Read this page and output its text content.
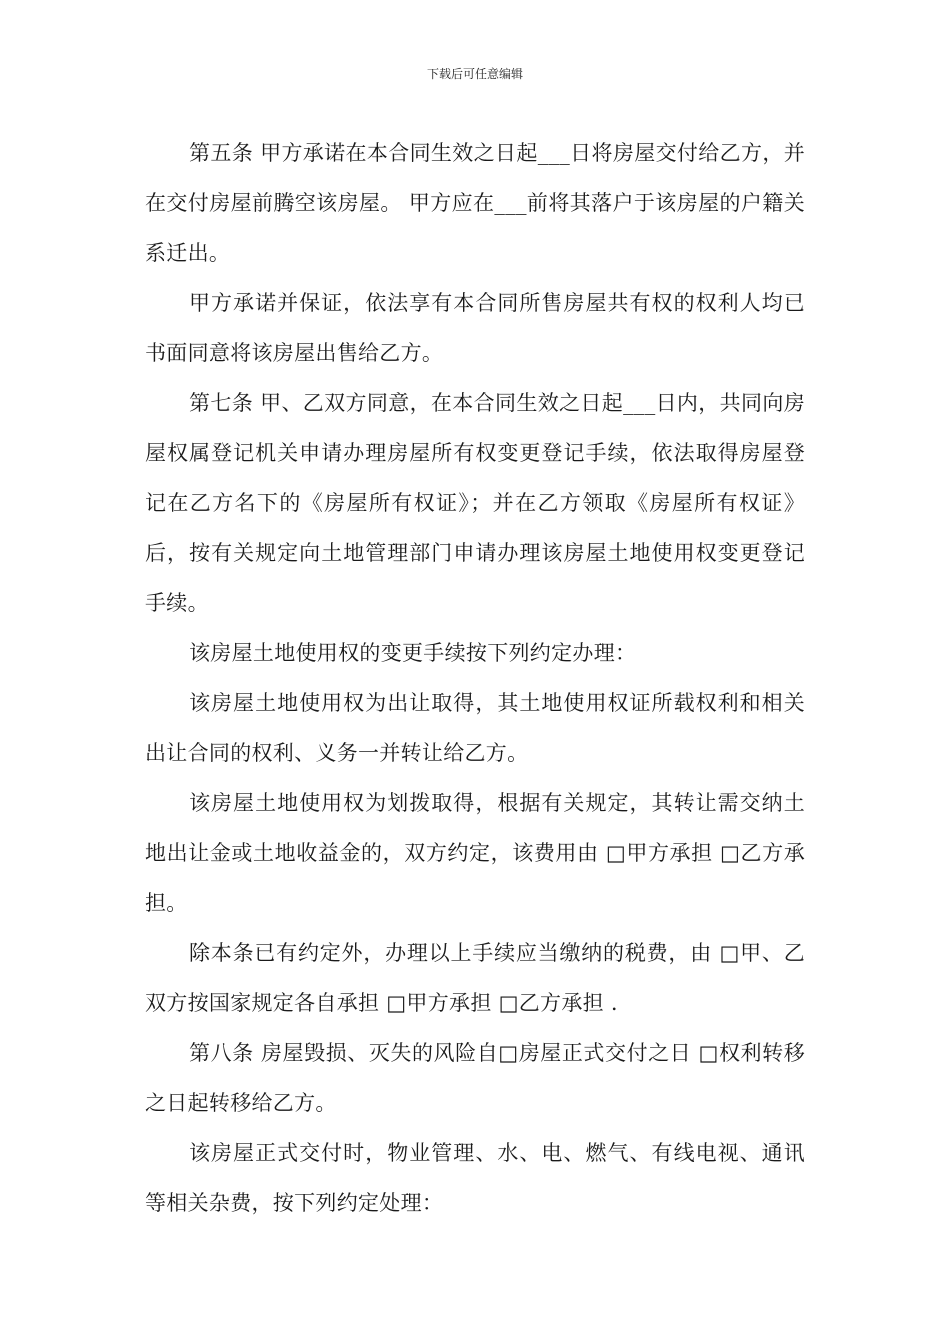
下载后可任意编辑

第五条 甲方承诺在本合同生效之日起___日将房屋交付给乙方，并在交付房屋前腾空该房屋。 甲方应在___前将其落户于该房屋的户籍关系迁出。

甲方承诺并保证，依法享有本合同所售房屋共有权的权利人均已书面同意将该房屋出售给乙方。

第七条 甲、乙双方同意，在本合同生效之日起___日内，共同向房屋权属登记机关申请办理房屋所有权变更登记手续，依法取得房屋登记在乙方名下的《房屋所有权证》；并在乙方领取《房屋所有权证》后，按有关规定向土地管理部门申请办理该房屋土地使用权变更登记手续。

该房屋土地使用权的变更手续按下列约定办理：

该房屋土地使用权为出让取得，其土地使用权证所载权利和相关出让合同的权利、义务一并转让给乙方。

该房屋土地使用权为划拨取得，根据有关规定，其转让需交纳土地出让金或土地收益金的，双方约定，该费用由 □甲方承担 □乙方承担。

除本条已有约定外，办理以上手续应当缴纳的税费，由 □甲、乙双方按国家规定各自承担 □甲方承担 □乙方承担 .

第八条 房屋毁损、灭失的风险自□房屋正式交付之日 □权利转移之日起转移给乙方。

该房屋正式交付时，物业管理、水、电、燃气、有线电视、通讯等相关杂费，按下列约定处理：
